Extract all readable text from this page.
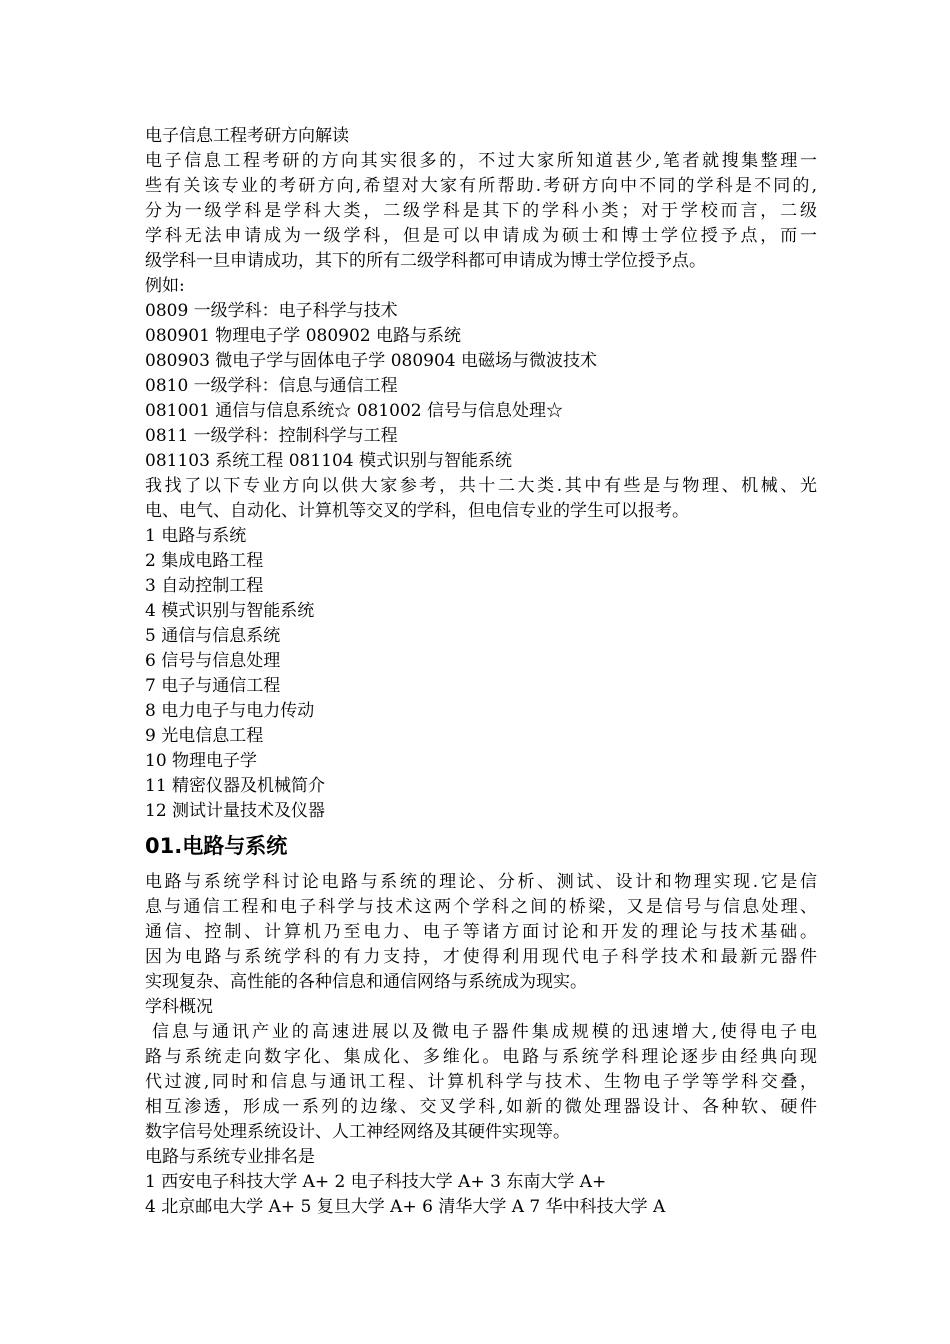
电子信息工程考研方向解读
电子信息工程考研的方向其实很多的，不过大家所知道甚少,笔者就搜集整理一
些有关该专业的考研方向,希望对大家有所帮助.考研方向中不同的学科是不同的,
分为一级学科是学科大类，二级学科是其下的学科小类；对于学校而言，二级
学科无法申请成为一级学科，但是可以申请成为硕士和博士学位授予点，而一
级学科一旦申请成功，其下的所有二级学科都可申请成为博士学位授予点。
例如:
0809 一级学科：电子科学与技术
080901 物理电子学 080902 电路与系统
080903 微电子学与固体电子学 080904 电磁场与微波技术
0810 一级学科：信息与通信工程
081001 通信与信息系统☆ 081002 信号与信息处理☆
0811 一级学科：控制科学与工程
081103 系统工程 081104 模式识别与智能系统
我找了以下专业方向以供大家参考，共十二大类.其中有些是与物理、机械、光
电、电气、自动化、计算机等交叉的学科，但电信专业的学生可以报考。
1 电路与系统
2 集成电路工程
3 自动控制工程
4 模式识别与智能系统
5 通信与信息系统
6 信号与信息处理
7 电子与通信工程
8 电力电子与电力传动
9 光电信息工程
10 物理电子学
11 精密仪器及机械简介
12 测试计量技术及仪器
01.电路与系统
电路与系统学科讨论电路与系统的理论、分析、测试、设计和物理实现.它是信
息与通信工程和电子科学与技术这两个学科之间的桥梁，又是信号与信息处理、
通信、控制、计算机乃至电力、电子等诸方面讨论和开发的理论与技术基础。
因为电路与系统学科的有力支持，才使得利用现代电子科学技术和最新元器件
实现复杂、高性能的各种信息和通信网络与系统成为现实。
学科概况
信息与通讯产业的高速进展以及微电子器件集成规模的迅速增大,使得电子电
路与系统走向数字化、集成化、多维化。电路与系统学科理论逐步由经典向现
代过渡,同时和信息与通讯工程、计算机科学与技术、生物电子学等学科交叠，
相互渗透，形成一系列的边缘、交叉学科,如新的微处理器设计、各种软、硬件
数字信号处理系统设计、人工神经网络及其硬件实现等。
电路与系统专业排名是
1 西安电子科技大学 A+ 2 电子科技大学 A+ 3 东南大学 A+
4 北京邮电大学 A+ 5 复旦大学 A+ 6 清华大学 A 7 华中科技大学 A
